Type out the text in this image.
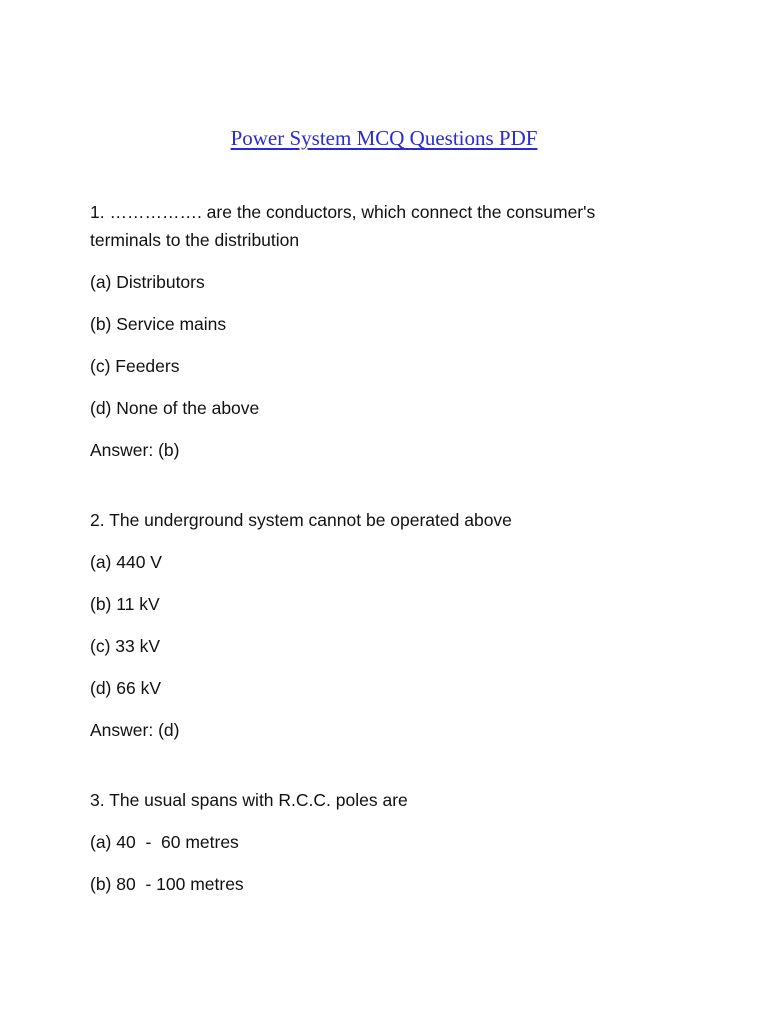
Power System MCQ Questions PDF

1. ……………. are the conductors, which connect the consumer's terminals to the distribution

(a) Distributors

(b) Service mains

(c) Feeders

(d) None of the above

Answer: (b)

2. The underground system cannot be operated above

(a) 440 V

(b) 11 kV

(c) 33 kV

(d) 66 kV

Answer: (d)

3. The usual spans with R.C.C. poles are

(a) 40  -  60 metres

(b) 80  - 100 metres
